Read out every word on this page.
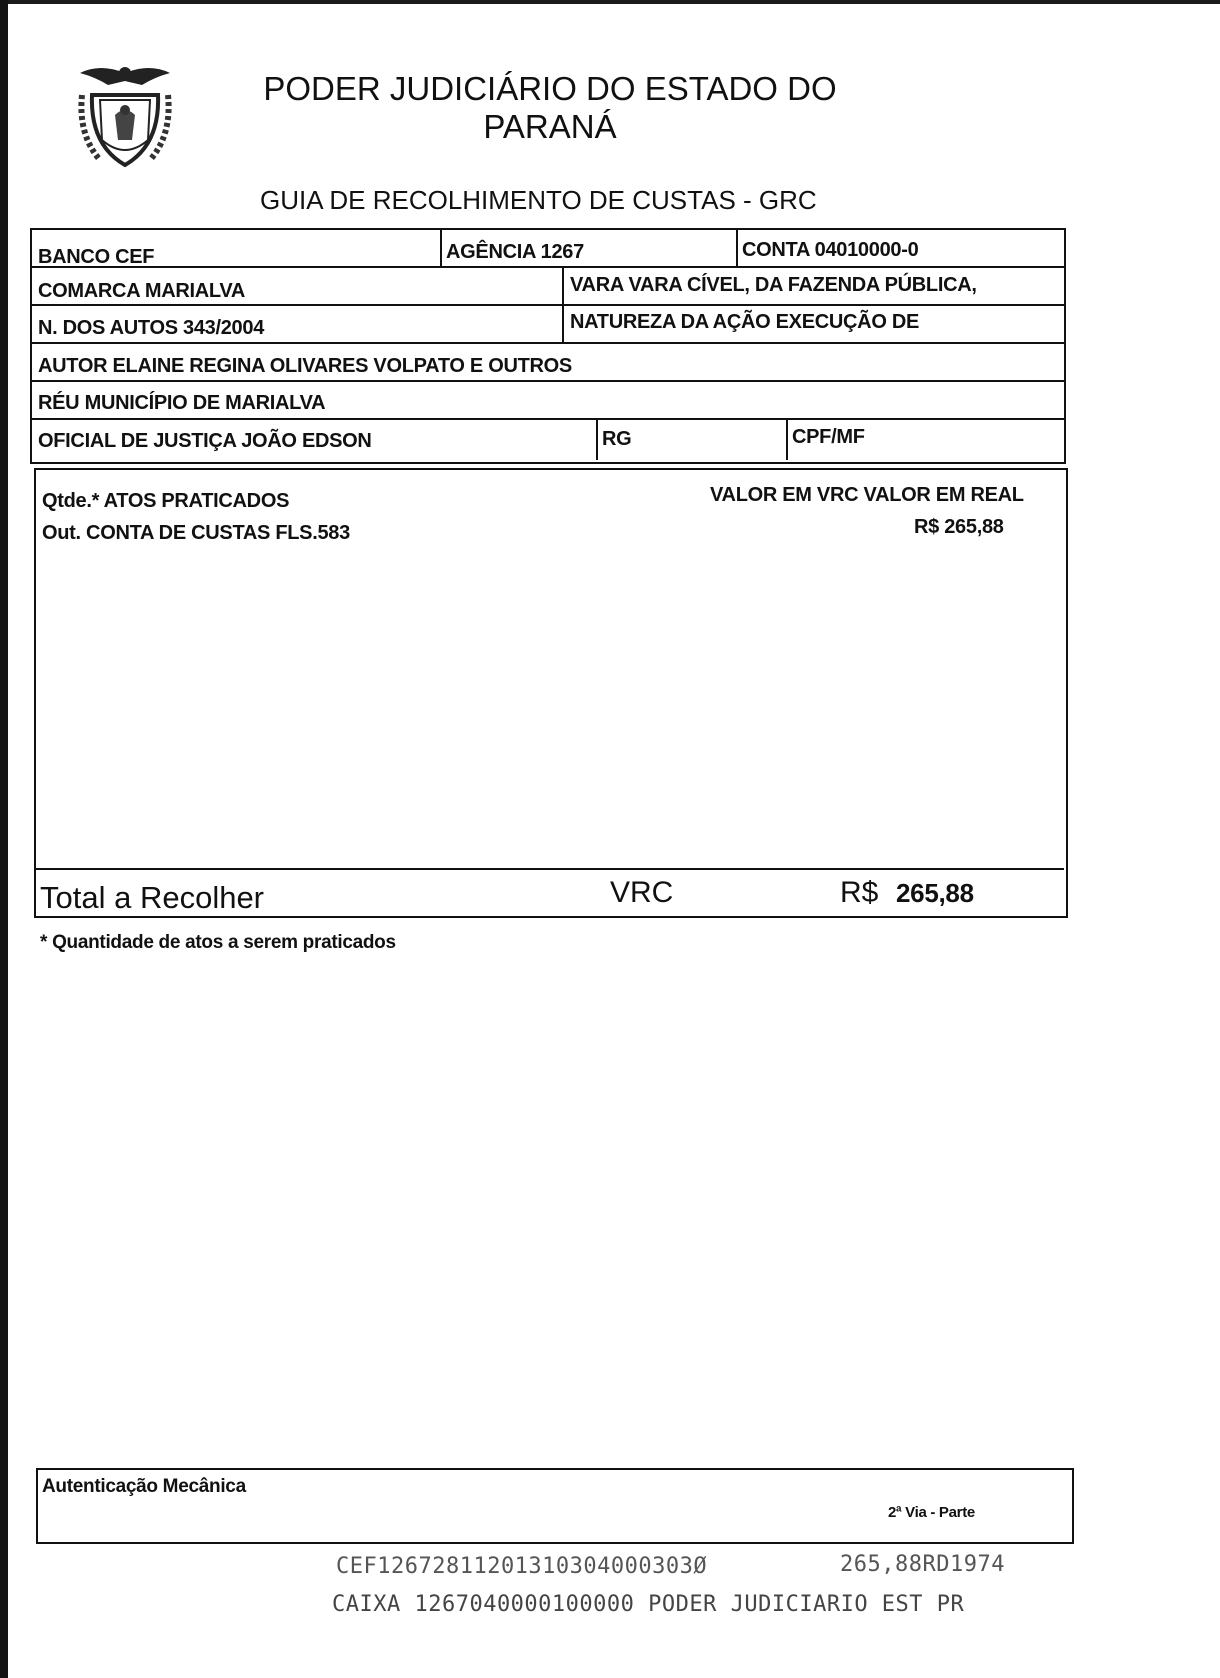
PODER JUDICIÁRIO DO ESTADO DO
PARANÁ
GUIA DE RECOLHIMENTO DE CUSTAS - GRC
BANCO CEF	AGÊNCIA 1267	CONTA 04010000-0
COMARCA MARIALVA	VARA VARA CÍVEL, DA FAZENDA PÚBLICA,
N. DOS AUTOS 343/2004	NATUREZA DA AÇÃO EXECUÇÃO DE
AUTOR ELAINE REGINA OLIVARES VOLPATO E OUTROS
RÉU MUNICÍPIO DE MARIALVA
OFICIAL DE JUSTIÇA JOÃO EDSON	RG	CPF/MF
Qtde.* ATOS PRATICADOS	VALOR EM VRC VALOR EM REAL
Out. CONTA DE CUSTAS FLS.583	R$ 265,88
Total a Recolher	VRC	R$ 265,88
* Quantidade de atos a serem praticados
Autenticação Mecânica
2ª Via - Parte
CEF12672811201310304000303Ø	265,88RD1974
CAIXA 1267040000100000 PODER JUDICIARIO EST PR
